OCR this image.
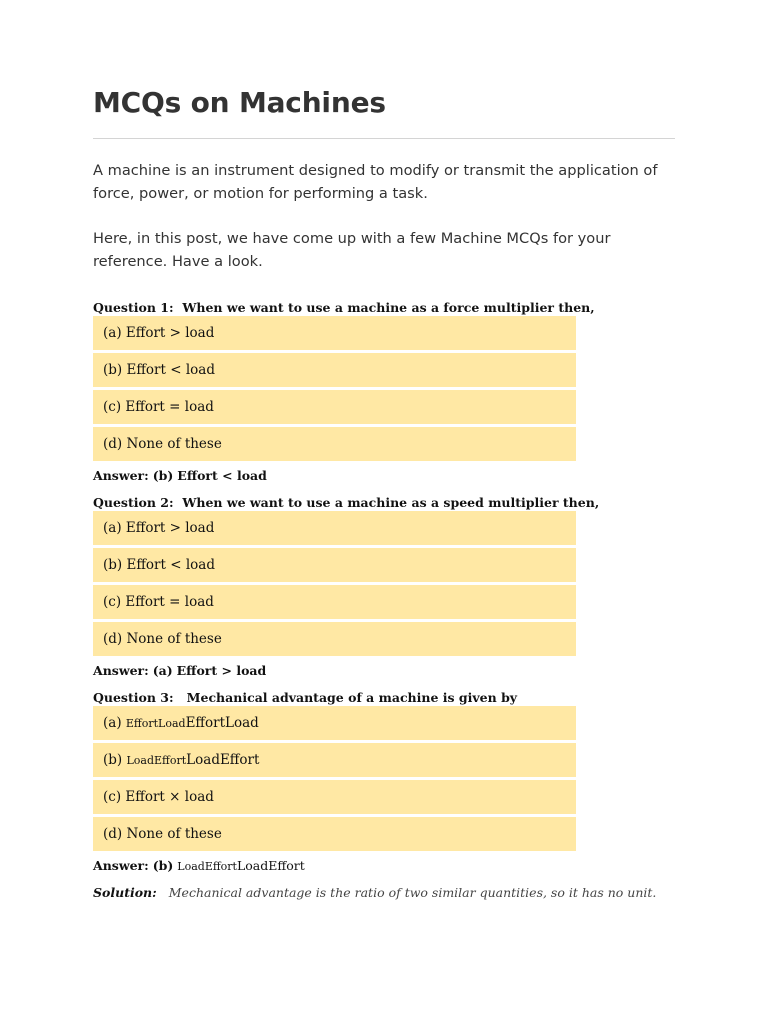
MCQs on Machines

A machine is an instrument designed to modify or transmit the application of force, power, or motion for performing a task.

Here, in this post, we have come up with a few Machine MCQs for your reference. Have a look.

Question 1: When we want to use a machine as a force multiplier then,
(a) Effort > load
(b) Effort < load
(c) Effort = load
(d) None of these
Answer: (b) Effort < load
Question 2: When we want to use a machine as a speed multiplier then,
(a) Effort > load
(b) Effort < load
(c) Effort = load
(d) None of these
Answer: (a) Effort > load
Question 3: Mechanical advantage of a machine is given by
(a) EffortLoadEffortLoad
(b) LoadEffortLoadEffort
(c) Effort × load
(d) None of these
Answer: (b) LoadEffortLoadEffort
Solution: Mechanical advantage is the ratio of two similar quantities, so it has no unit.
